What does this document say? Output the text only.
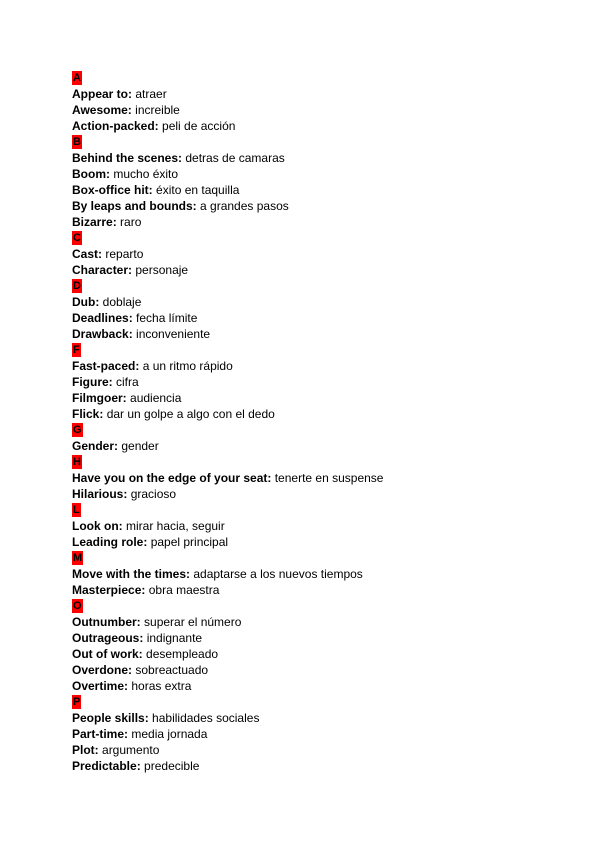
A
Appear to: atraer
Awesome: increible
Action-packed: peli de acción
B
Behind the scenes: detras de camaras
Boom: mucho éxito
Box-office hit: éxito en taquilla
By leaps and bounds: a grandes pasos
Bizarre: raro
C
Cast: reparto
Character: personaje
D
Dub: doblaje
Deadlines: fecha límite
Drawback: inconveniente
F
Fast-paced: a un ritmo rápido
Figure: cifra
Filmgoer: audiencia
Flick: dar un golpe a algo con el dedo
G
Gender: gender
H
Have you on the edge of your seat: tenerte en suspense
Hilarious: gracioso
L
Look on: mirar hacia, seguir
Leading role: papel principal
M
Move with the times: adaptarse a los nuevos tiempos
Masterpiece: obra maestra
O
Outnumber: superar el número
Outrageous: indignante
Out of work: desempleado
Overdone: sobreactuado
Overtime: horas extra
P
People skills: habilidades sociales
Part-time: media jornada
Plot: argumento
Predictable: predecible
